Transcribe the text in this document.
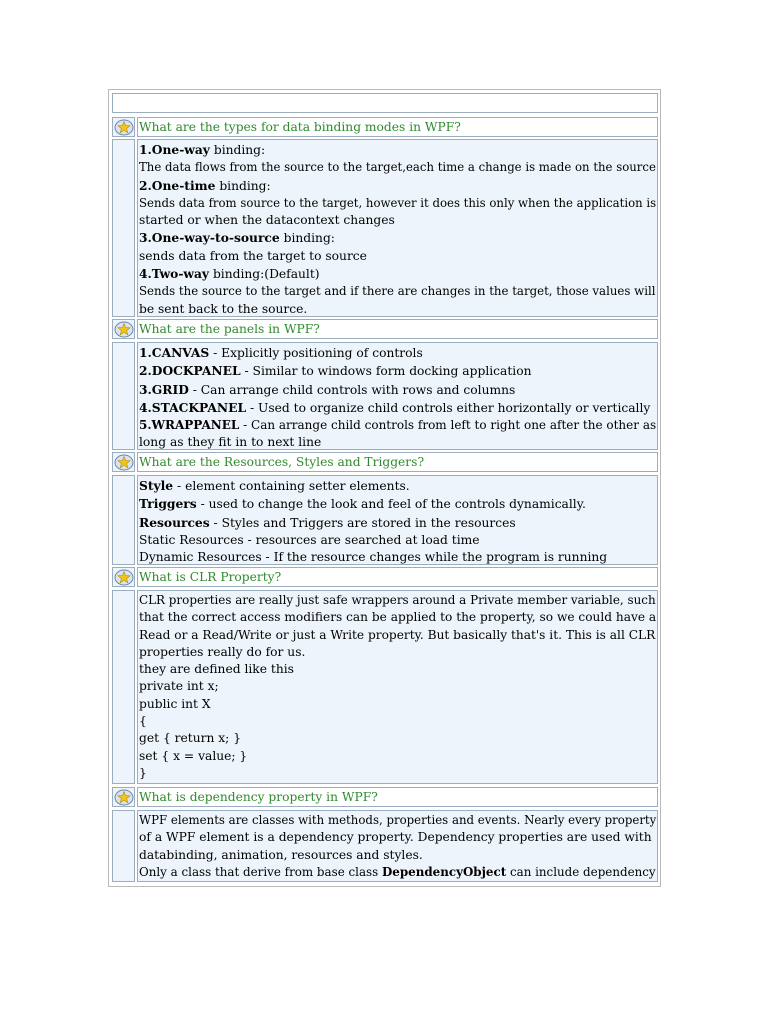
What are the types for data binding modes in WPF?
1.One-way binding:
The data flows from the source to the target,each time a change is made on the source
2.One-time binding:
Sends data from source to the target, however it does this only when the application is
started or when the datacontext changes
3.One-way-to-source binding:
sends data from the target to source
4.Two-way binding:(Default)
Sends the source to the target and if there are changes in the target, those values will
be sent back to the source.
What are the panels in WPF?
1.CANVAS - Explicitly positioning of controls
2.DOCKPANEL - Similar to windows form docking application
3.GRID - Can arrange child controls with rows and columns
4.STACKPANEL - Used to organize child controls either horizontally or vertically
5.WRAPPANEL - Can arrange child controls from left to right one after the other as
long as they fit in to next line
What are the Resources, Styles and Triggers?
Style - element containing setter elements.
Triggers - used to change the look and feel of the controls dynamically.
Resources - Styles and Triggers are stored in the resources
Static Resources - resources are searched at load time
Dynamic Resources - If the resource changes while the program is running
What is CLR Property?
CLR properties are really just safe wrappers around a Private member variable, such
that the correct access modifiers can be applied to the property, so we could have a
Read or a Read/Write or just a Write property. But basically that's it. This is all CLR
properties really do for us.
they are defined like this
private int x;
public int X
{
get { return x; }
set { x = value; }
}
What is dependency property in WPF?
WPF elements are classes with methods, properties and events. Nearly every property
of a WPF element is a dependency property. Dependency properties are used with
databinding, animation, resources and styles.
Only a class that derive from base class DependencyObject can include dependency
